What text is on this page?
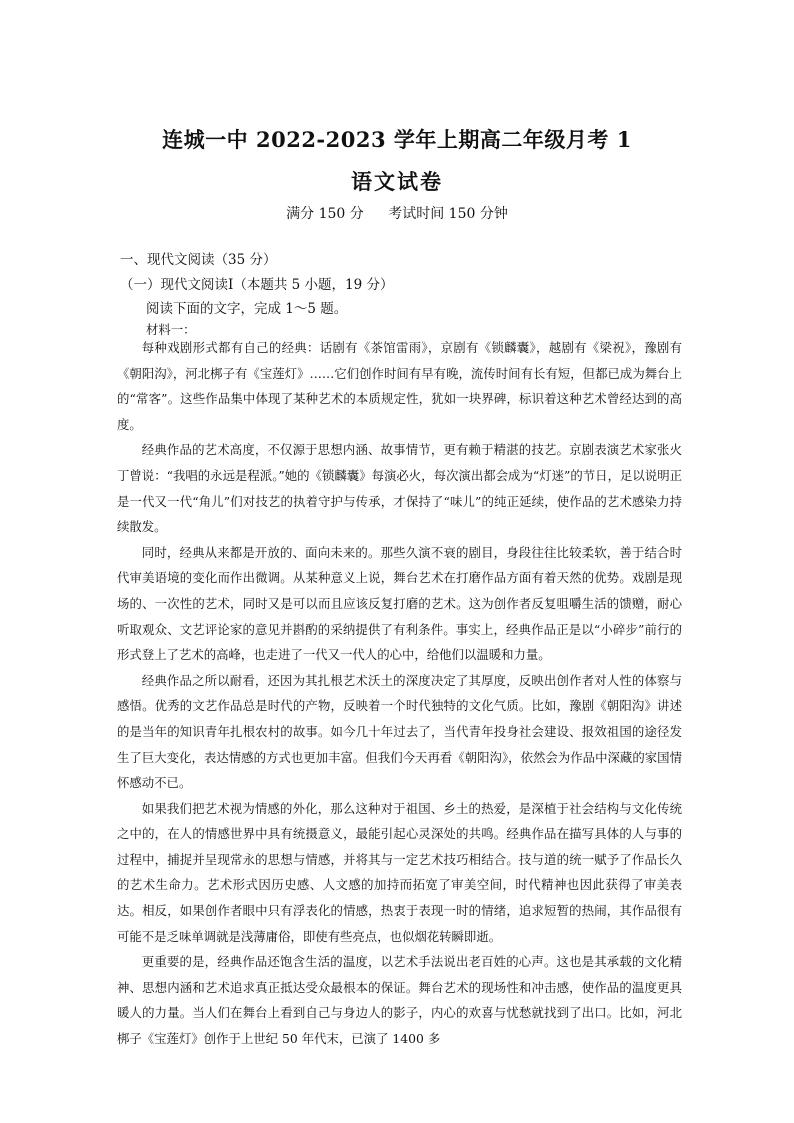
连城一中 2022-2023 学年上期高二年级月考 1
语文试卷
满分 150 分 考试时间 150 分钟
一、现代文阅读（35 分）
（一）现代文阅读Ⅰ（本题共 5 小题，19 分）
阅读下面的文字，完成 1～5 题。
材料一：

每种戏剧形式都有自己的经典：话剧有《茶馆雷雨》，京剧有《锁麟囊》，越剧有《梁祝》，豫剧有《朝阳沟》，河北梆子有《宝莲灯》……它们创作时间有早有晚，流传时间有长有短，但都已成为舞台上的“常客”。这些作品集中体现了某种艺术的本质规定性，犹如一块界碑，标识着这种艺术曾经达到的高度。

经典作品的艺术高度，不仅源于思想内涵、故事情节，更有赖于精湛的技艺。京剧表演艺术家张火丁曾说：“我唱的永远是程派。”她的《锁麟囊》每演必火，每次演出都会成为“灯迷”的节日，足以说明正是一代又一代“角儿”们对技艺的执着守护与传承，才保持了“味儿”的纯正延续，使作品的艺术感染力持续散发。

同时，经典从来都是开放的、面向未来的。那些久演不衰的剧目，身段往往比较柔软，善于结合时代审美语境的变化而作出微调。从某种意义上说，舞台艺术在打磨作品方面有着天然的优势。戏剧是现场的、一次性的艺术，同时又是可以而且应该反复打磨的艺术。这为创作者反复咀嚼生活的馈赠，耐心听取观众、文艺评论家的意见并斟酌的采纳提供了有利条件。事实上，经典作品正是以“小碎步”前行的形式登上了艺术的高峰，也走进了一代又一代人的心中，给他们以温暖和力量。

经典作品之所以耐看，还因为其扎根艺术沃土的深度决定了其厚度，反映出创作者对人性的体察与感悟。优秀的文艺作品总是时代的产物，反映着一个时代独特的文化气质。比如，豫剧《朝阳沟》讲述的是当年的知识青年扎根农村的故事。如今几十年过去了，当代青年投身社会建设、报效祖国的途径发生了巨大变化，表达情感的方式也更加丰富。但我们今天再看《朝阳沟》，依然会为作品中深藏的家国情怀感动不已。

如果我们把艺术视为情感的外化，那么这种对于祖国、乡土的热爱，是深植于社会结构与文化传统之中的，在人的情感世界中具有统摄意义，最能引起心灵深处的共鸣。经典作品在描写具体的人与事的过程中，捕捉并呈现常永的思想与情感，并将其与一定艺术技巧相结合。技与道的统一赋予了作品长久的艺术生命力。艺术形式因历史感、人文感的加持而拓宽了审美空间，时代精神也因此获得了审美表达。相反，如果创作者眼中只有浮表化的情感，热衷于表现一时的情绪，追求短暂的热闹，其作品很有可能不是乏味单调就是浅薄庸俗，即使有些亮点，也似烟花转瞬即逝。

更重要的是，经典作品还饱含生活的温度，以艺术手法说出老百姓的心声。这也是其承载的文化精神、思想内涵和艺术追求真正抵达受众最根本的保证。舞台艺术的现场性和冲击感，使作品的温度更具暖人的力量。当人们在舞台上看到自己与身边人的影子，内心的欢喜与忧愁就找到了出口。比如，河北梆子《宝莲灯》创作于上世纪 50 年代末，已演了 1400 多
